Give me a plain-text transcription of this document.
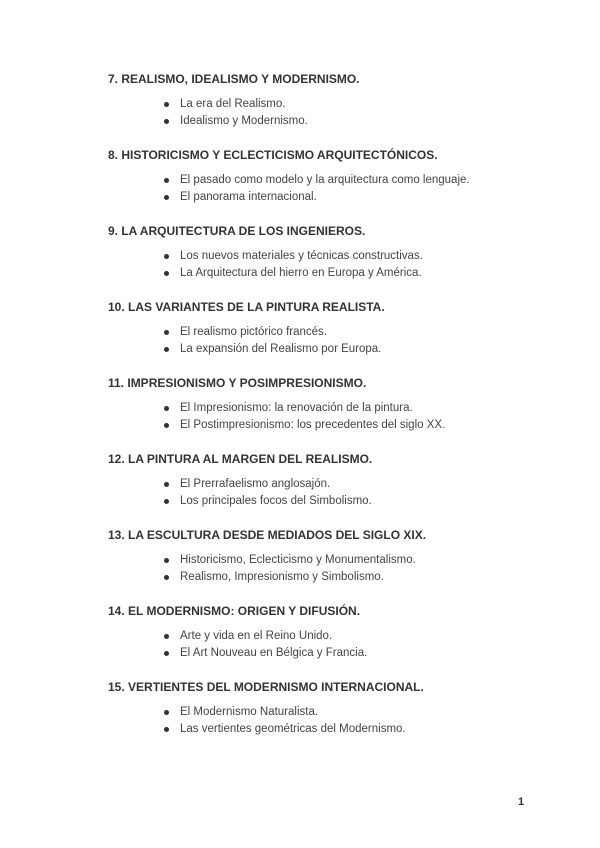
7. REALISMO, IDEALISMO Y MODERNISMO.

La era del Realismo.
Idealismo y Modernismo.

8. HISTORICISMO Y ECLECTICISMO ARQUITECTÓNICOS.

El pasado como modelo y la arquitectura como lenguaje.
El panorama internacional.

9. LA ARQUITECTURA DE LOS INGENIEROS.

Los nuevos materiales y técnicas constructivas.
La Arquitectura del hierro en Europa y América.

10. LAS VARIANTES DE LA PINTURA REALISTA.

El realismo pictórico francés.
La expansión del Realismo por Europa.

11. IMPRESIONISMO Y POSIMPRESIONISMO.

El Impresionismo: la renovación de la pintura.
El Postimpresionismo: los precedentes del siglo XX.

12. LA PINTURA AL MARGEN DEL REALISMO.

El Prerrafaelismo anglosajón.
Los principales focos del Simbolismo.

13. LA ESCULTURA DESDE MEDIADOS DEL SIGLO XIX.

Historicismo, Eclecticismo y Monumentalismo.
Realismo, Impresionismo y Simbolismo.

14. EL MODERNISMO: ORIGEN Y DIFUSIÓN.

Arte y vida en el Reino Unido.
El Art Nouveau en Bélgica y Francia.

15. VERTIENTES DEL MODERNISMO INTERNACIONAL.

El Modernismo Naturalista.
Las vertientes geométricas del Modernismo.
1
